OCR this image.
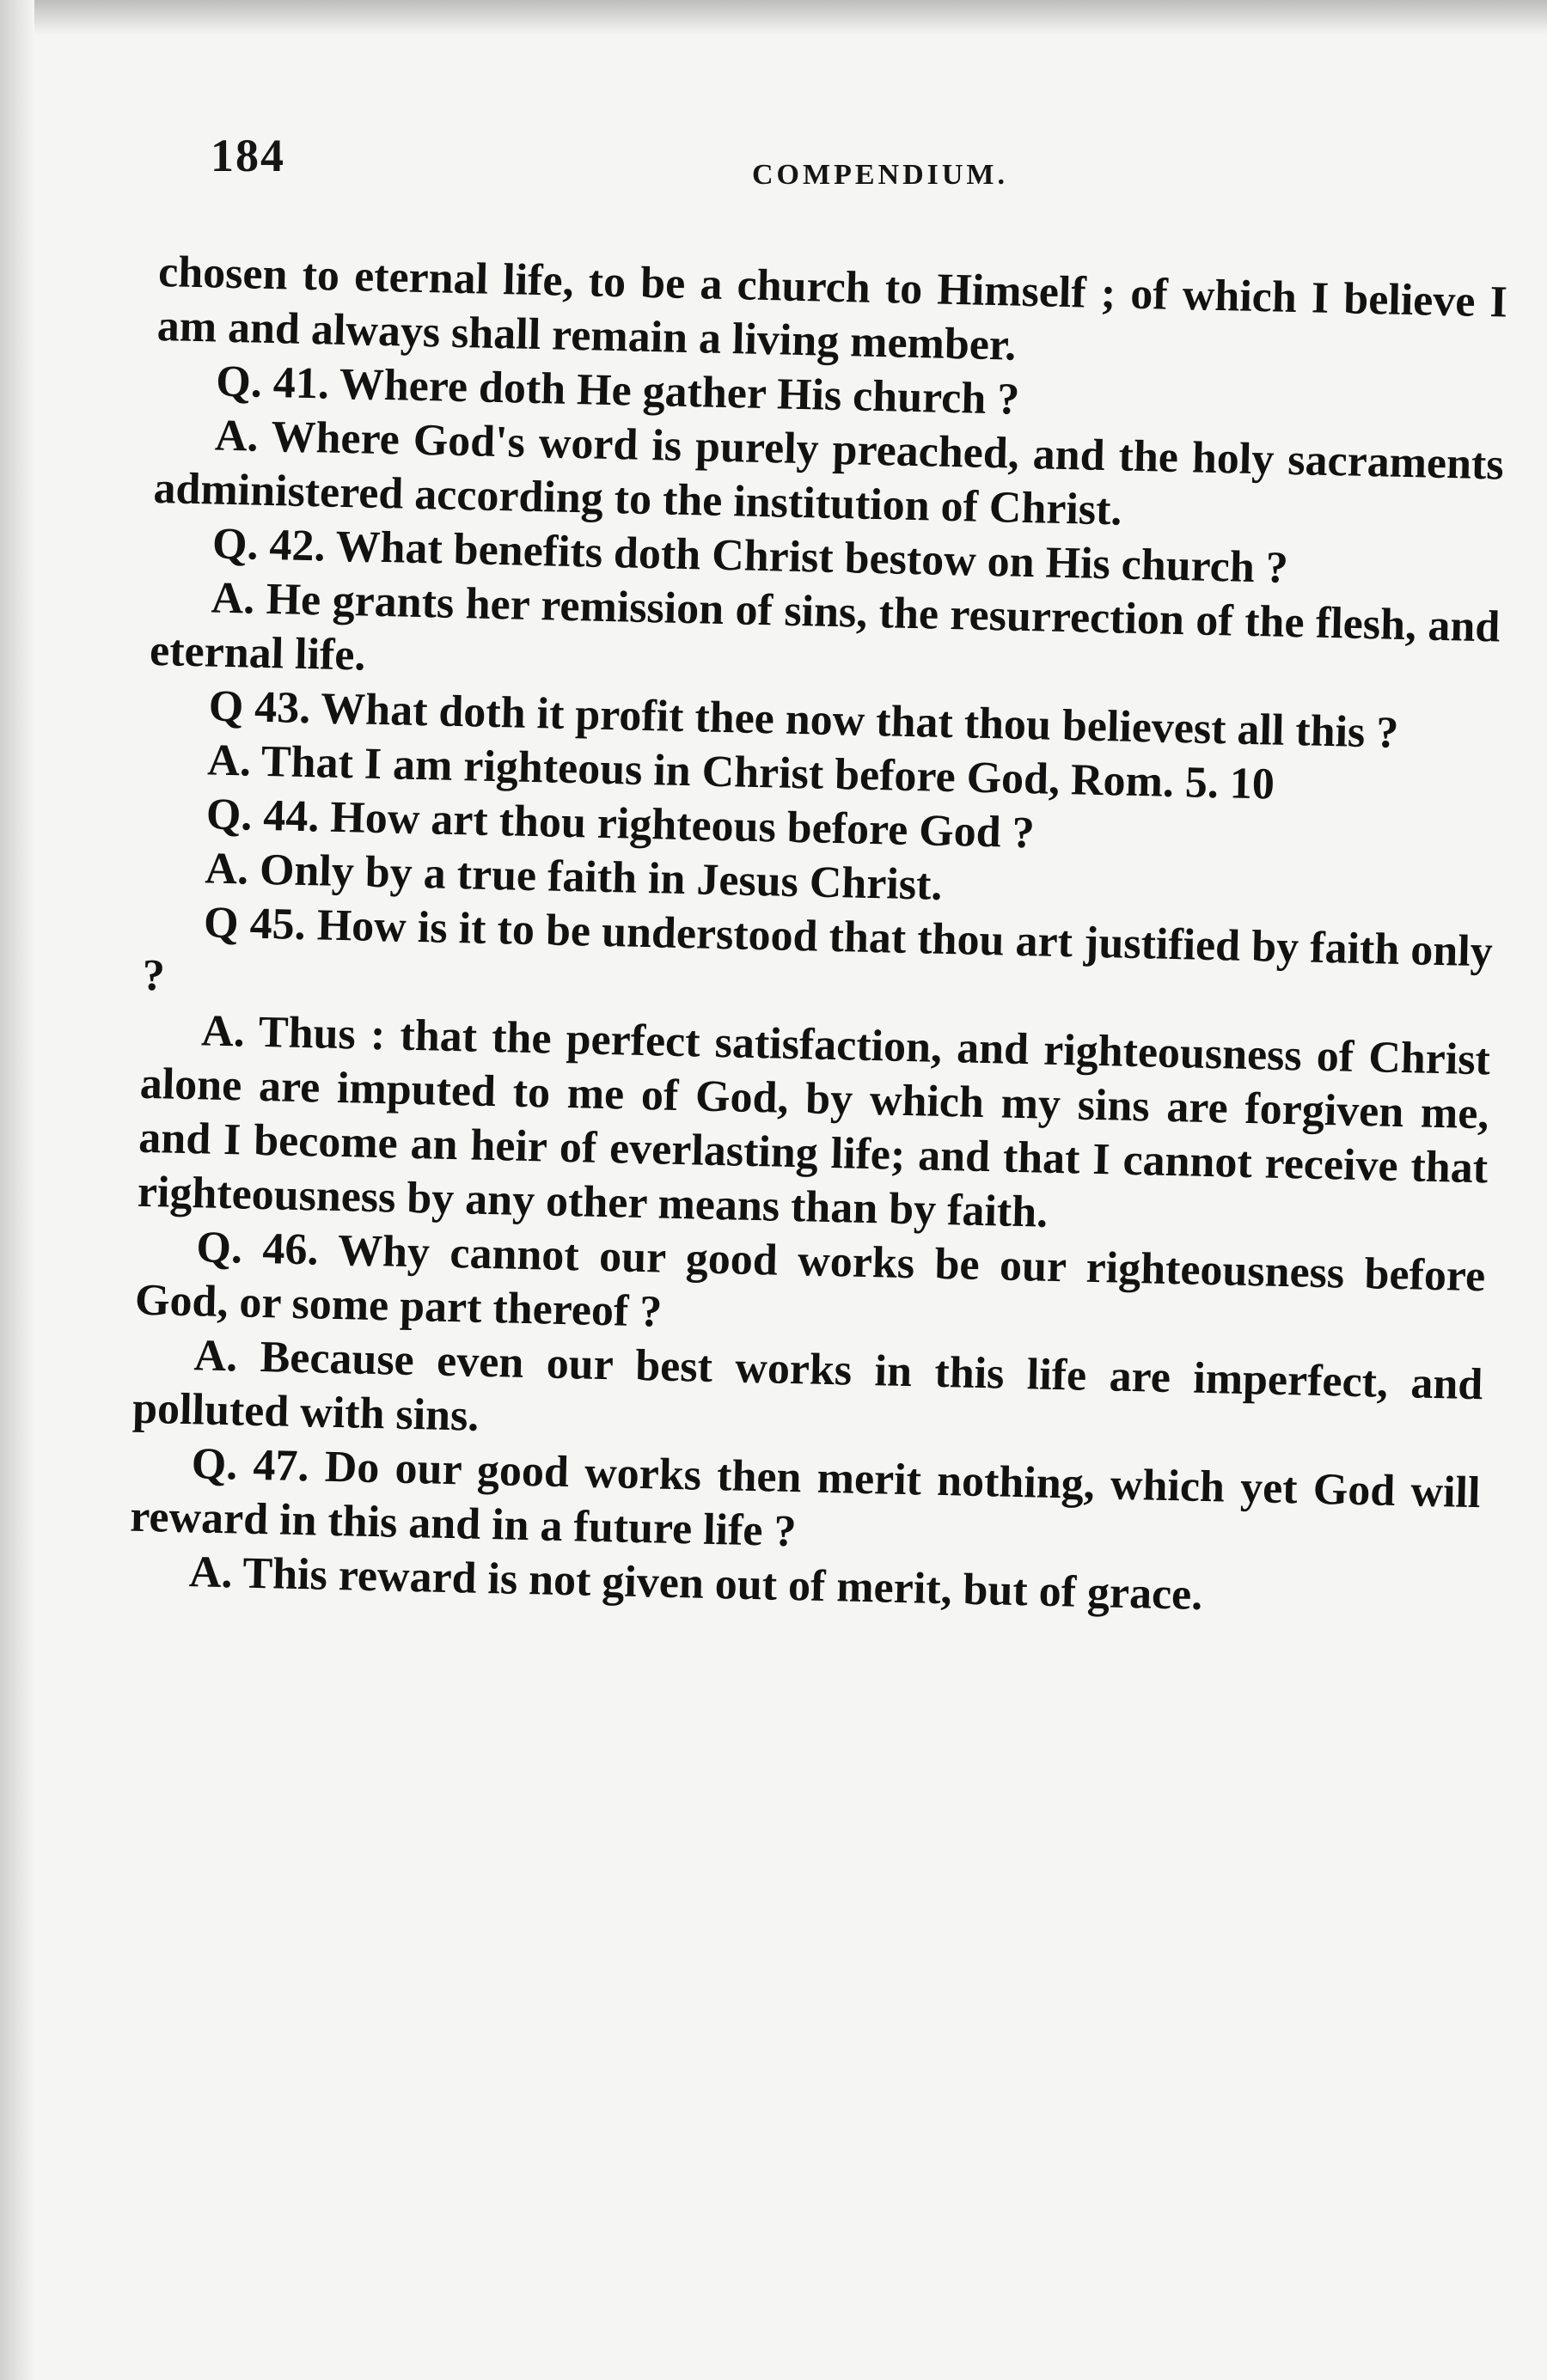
184	COMPENDIUM.

chosen to eternal life, to be a church to Himself ; of which I believe I am and always shall remain a living member.

Q. 41. Where doth He gather His church ?

A. Where God's word is purely preached, and the holy sacraments administered according to the institution of Christ.

Q. 42. What benefits doth Christ bestow on His church ?

A. He grants her remission of sins, the resurrection of the flesh, and eternal life.

Q 43. What doth it profit thee now that thou believest all this ?

A. That I am righteous in Christ before God, Rom. 5. 10

Q. 44. How art thou righteous before God ?

A. Only by a true faith in Jesus Christ.

Q 45. How is it to be understood that thou art justified by faith only ?

A. Thus : that the perfect satisfaction, and righteousness of Christ alone are imputed to me of God, by which my sins are forgiven me, and I become an heir of everlasting life; and that I cannot receive that righteousness by any other means than by faith.

Q. 46. Why cannot our good works be our righteousness before God, or some part thereof ?

A. Because even our best works in this life are imperfect, and polluted with sins.

Q. 47. Do our good works then merit nothing, which yet God will reward in this and in a future life ?

A. This reward is not given out of merit, but of grace.
